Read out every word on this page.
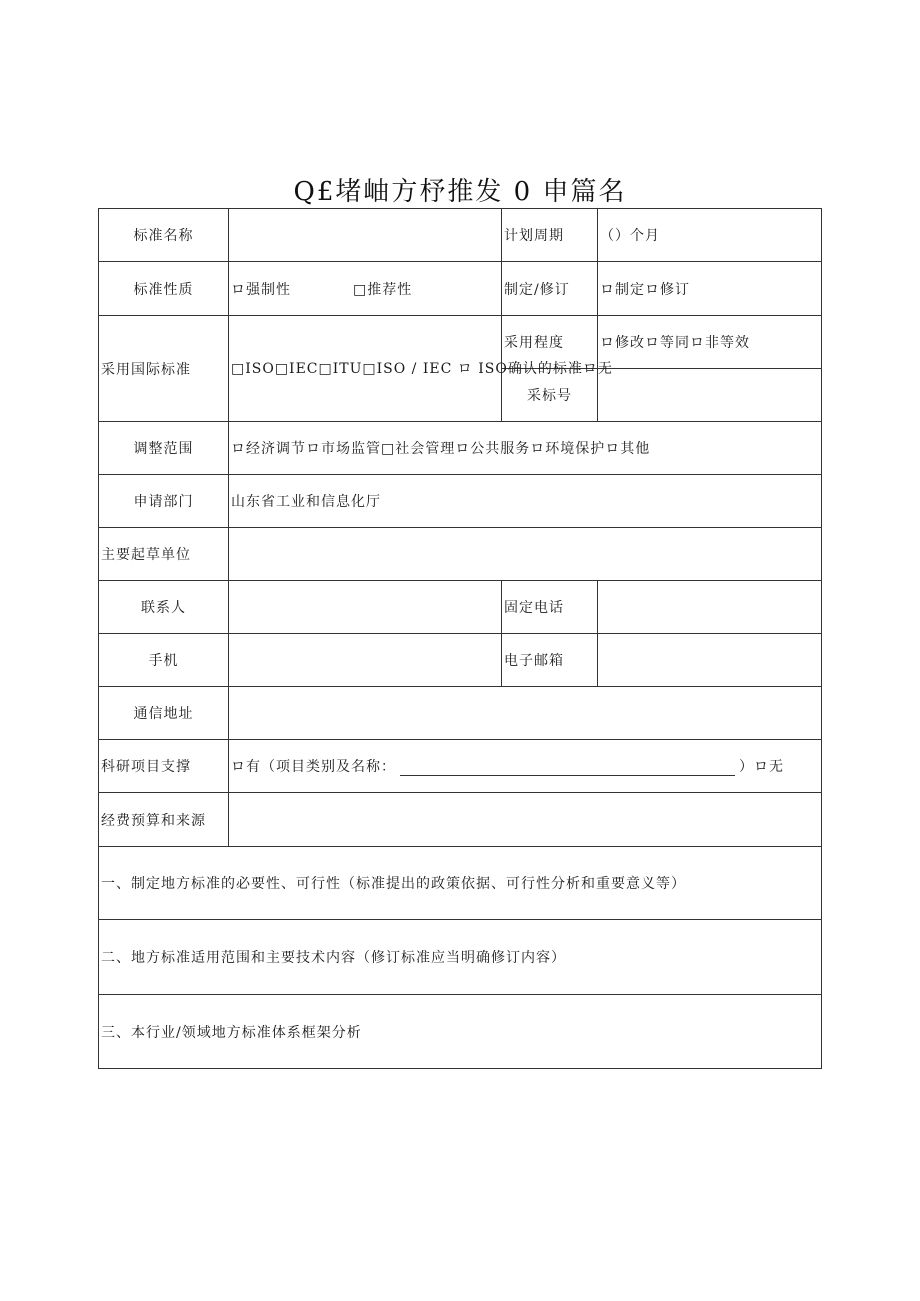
Q£堵岫方杼推发 0 申篇名
标准名称		计划周期	（）个月
标准性质	ロ强制性 □推荐性	制定/修订	ロ制定ロ修订
采用国际标准	□ISO□IEC□ITU□ISO / IEC ロ ISO确认的标准ロ无	采用程度	ロ修改ロ等同ロ非等效
		采标号	
调整范围	ロ经济调节ロ市场监管□社会管理ロ公共服务ロ环境保护ロ其他		
申请部门	山东省工业和信息化厅		
主要起草单位			
联系人		固定电话	
手机		电子邮箱	
通信地址			
科研项目支撑	ロ有（项目类别及名称： ）ロ无		
经费预算和来源			
一、制定地方标准的必要性、可行性（标准提出的政策依据、可行性分析和重要意义等）			
二、地方标准适用范围和主要技术内容（修订标准应当明确修订内容）			
三、本行业/领域地方标准体系框架分析			
